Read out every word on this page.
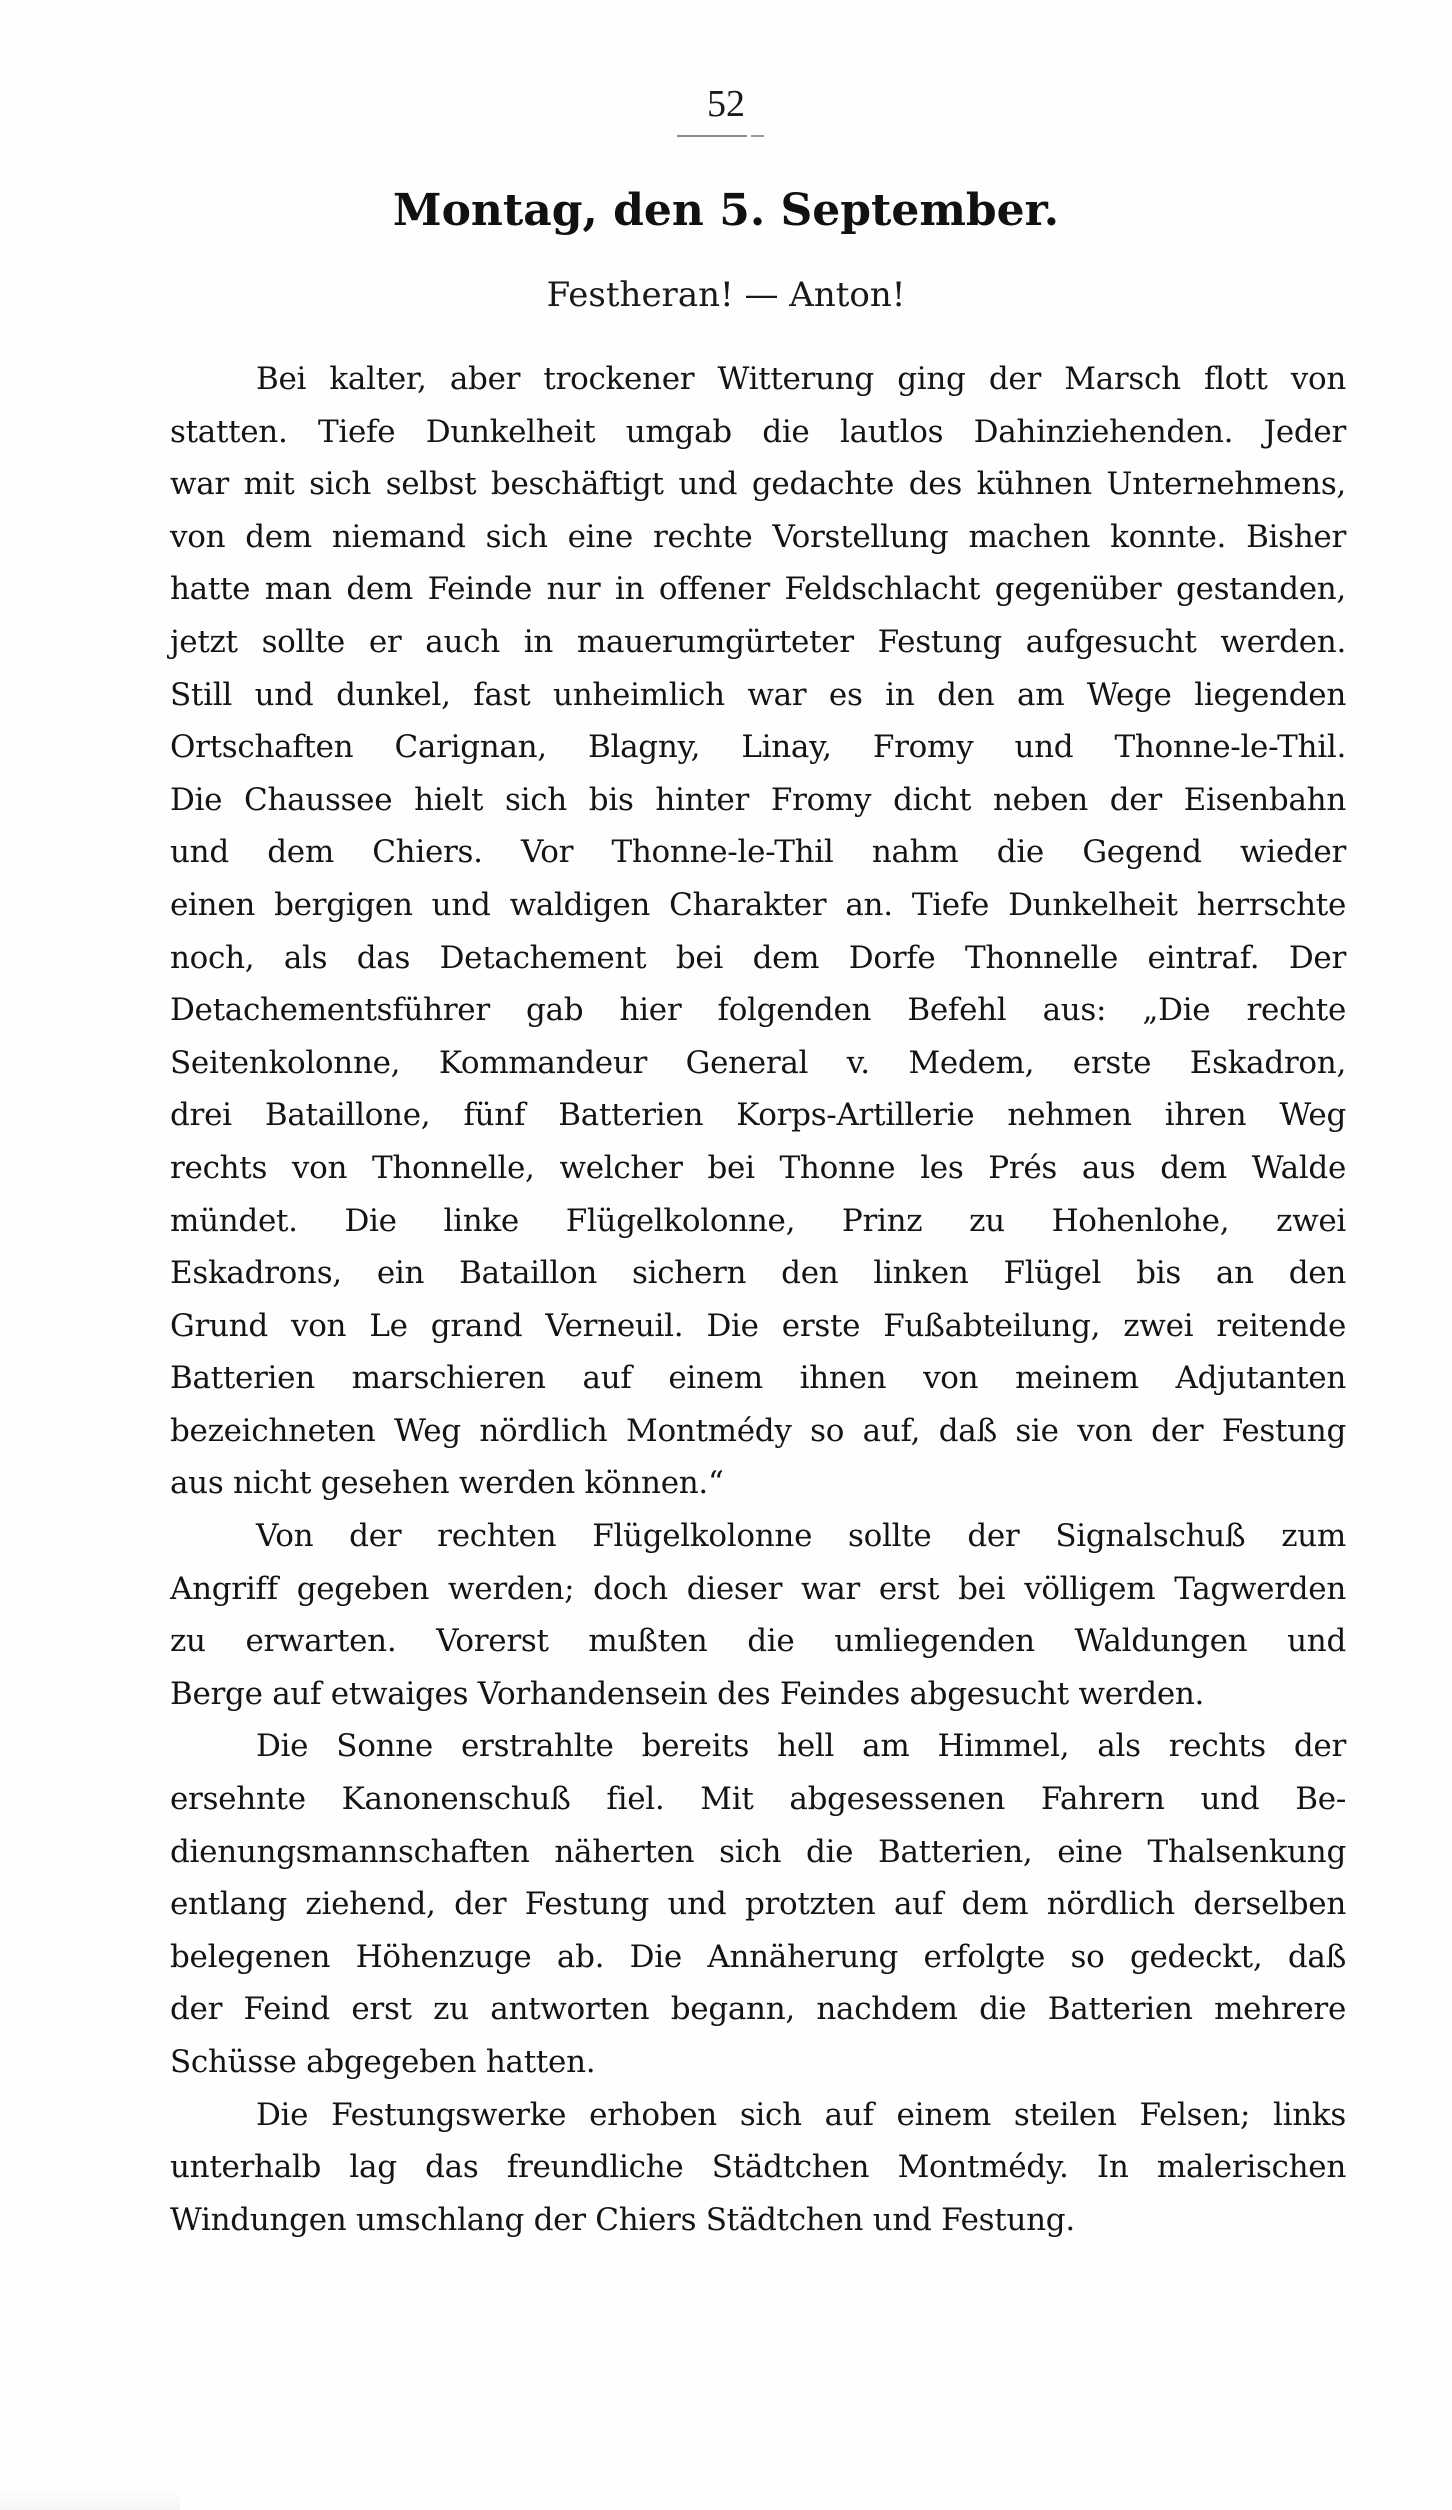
52
Montag, den 5. September.
Festheran! — Anton!
Bei kalter, aber trockener Witterung ging der Marsch flott von
statten. Tiefe Dunkelheit umgab die lautlos Dahinziehenden. Jeder
war mit sich selbst beschäftigt und gedachte des kühnen Unternehmens,
von dem niemand sich eine rechte Vorstellung machen konnte. Bisher
hatte man dem Feinde nur in offener Feldschlacht gegenüber gestanden,
jetzt sollte er auch in mauerumgürteter Festung aufgesucht werden.
Still und dunkel, fast unheimlich war es in den am Wege liegenden
Ortschaften Carignan, Blagny, Linay, Fromy und Thonne-le-Thil.
Die Chaussee hielt sich bis hinter Fromy dicht neben der Eisenbahn
und dem Chiers. Vor Thonne-le-Thil nahm die Gegend wieder
einen bergigen und waldigen Charakter an. Tiefe Dunkelheit herrschte
noch, als das Detachement bei dem Dorfe Thonnelle eintraf. Der
Detachementsführer gab hier folgenden Befehl aus: „Die rechte
Seitenkolonne, Kommandeur General v. Medem, erste Eskadron,
drei Bataillone, fünf Batterien Korps-Artillerie nehmen ihren Weg
rechts von Thonnelle, welcher bei Thonne les Prés aus dem Walde
mündet. Die linke Flügelkolonne, Prinz zu Hohenlohe, zwei
Eskadrons, ein Bataillon sichern den linken Flügel bis an den
Grund von Le grand Verneuil. Die erste Fußabteilung, zwei reitende
Batterien marschieren auf einem ihnen von meinem Adjutanten
bezeichneten Weg nördlich Montmédy so auf, daß sie von der Festung
aus nicht gesehen werden können.“
Von der rechten Flügelkolonne sollte der Signalschuß zum
Angriff gegeben werden; doch dieser war erst bei völligem Tagwerden
zu erwarten. Vorerst mußten die umliegenden Waldungen und
Berge auf etwaiges Vorhandensein des Feindes abgesucht werden.
Die Sonne erstrahlte bereits hell am Himmel, als rechts der
ersehnte Kanonenschuß fiel. Mit abgesessenen Fahrern und Be-
dienungsmannschaften näherten sich die Batterien, eine Thalsenkung
entlang ziehend, der Festung und protzten auf dem nördlich derselben
belegenen Höhenzuge ab. Die Annäherung erfolgte so gedeckt, daß
der Feind erst zu antworten begann, nachdem die Batterien mehrere
Schüsse abgegeben hatten.
Die Festungswerke erhoben sich auf einem steilen Felsen; links
unterhalb lag das freundliche Städtchen Montmédy. In malerischen
Windungen umschlang der Chiers Städtchen und Festung.
